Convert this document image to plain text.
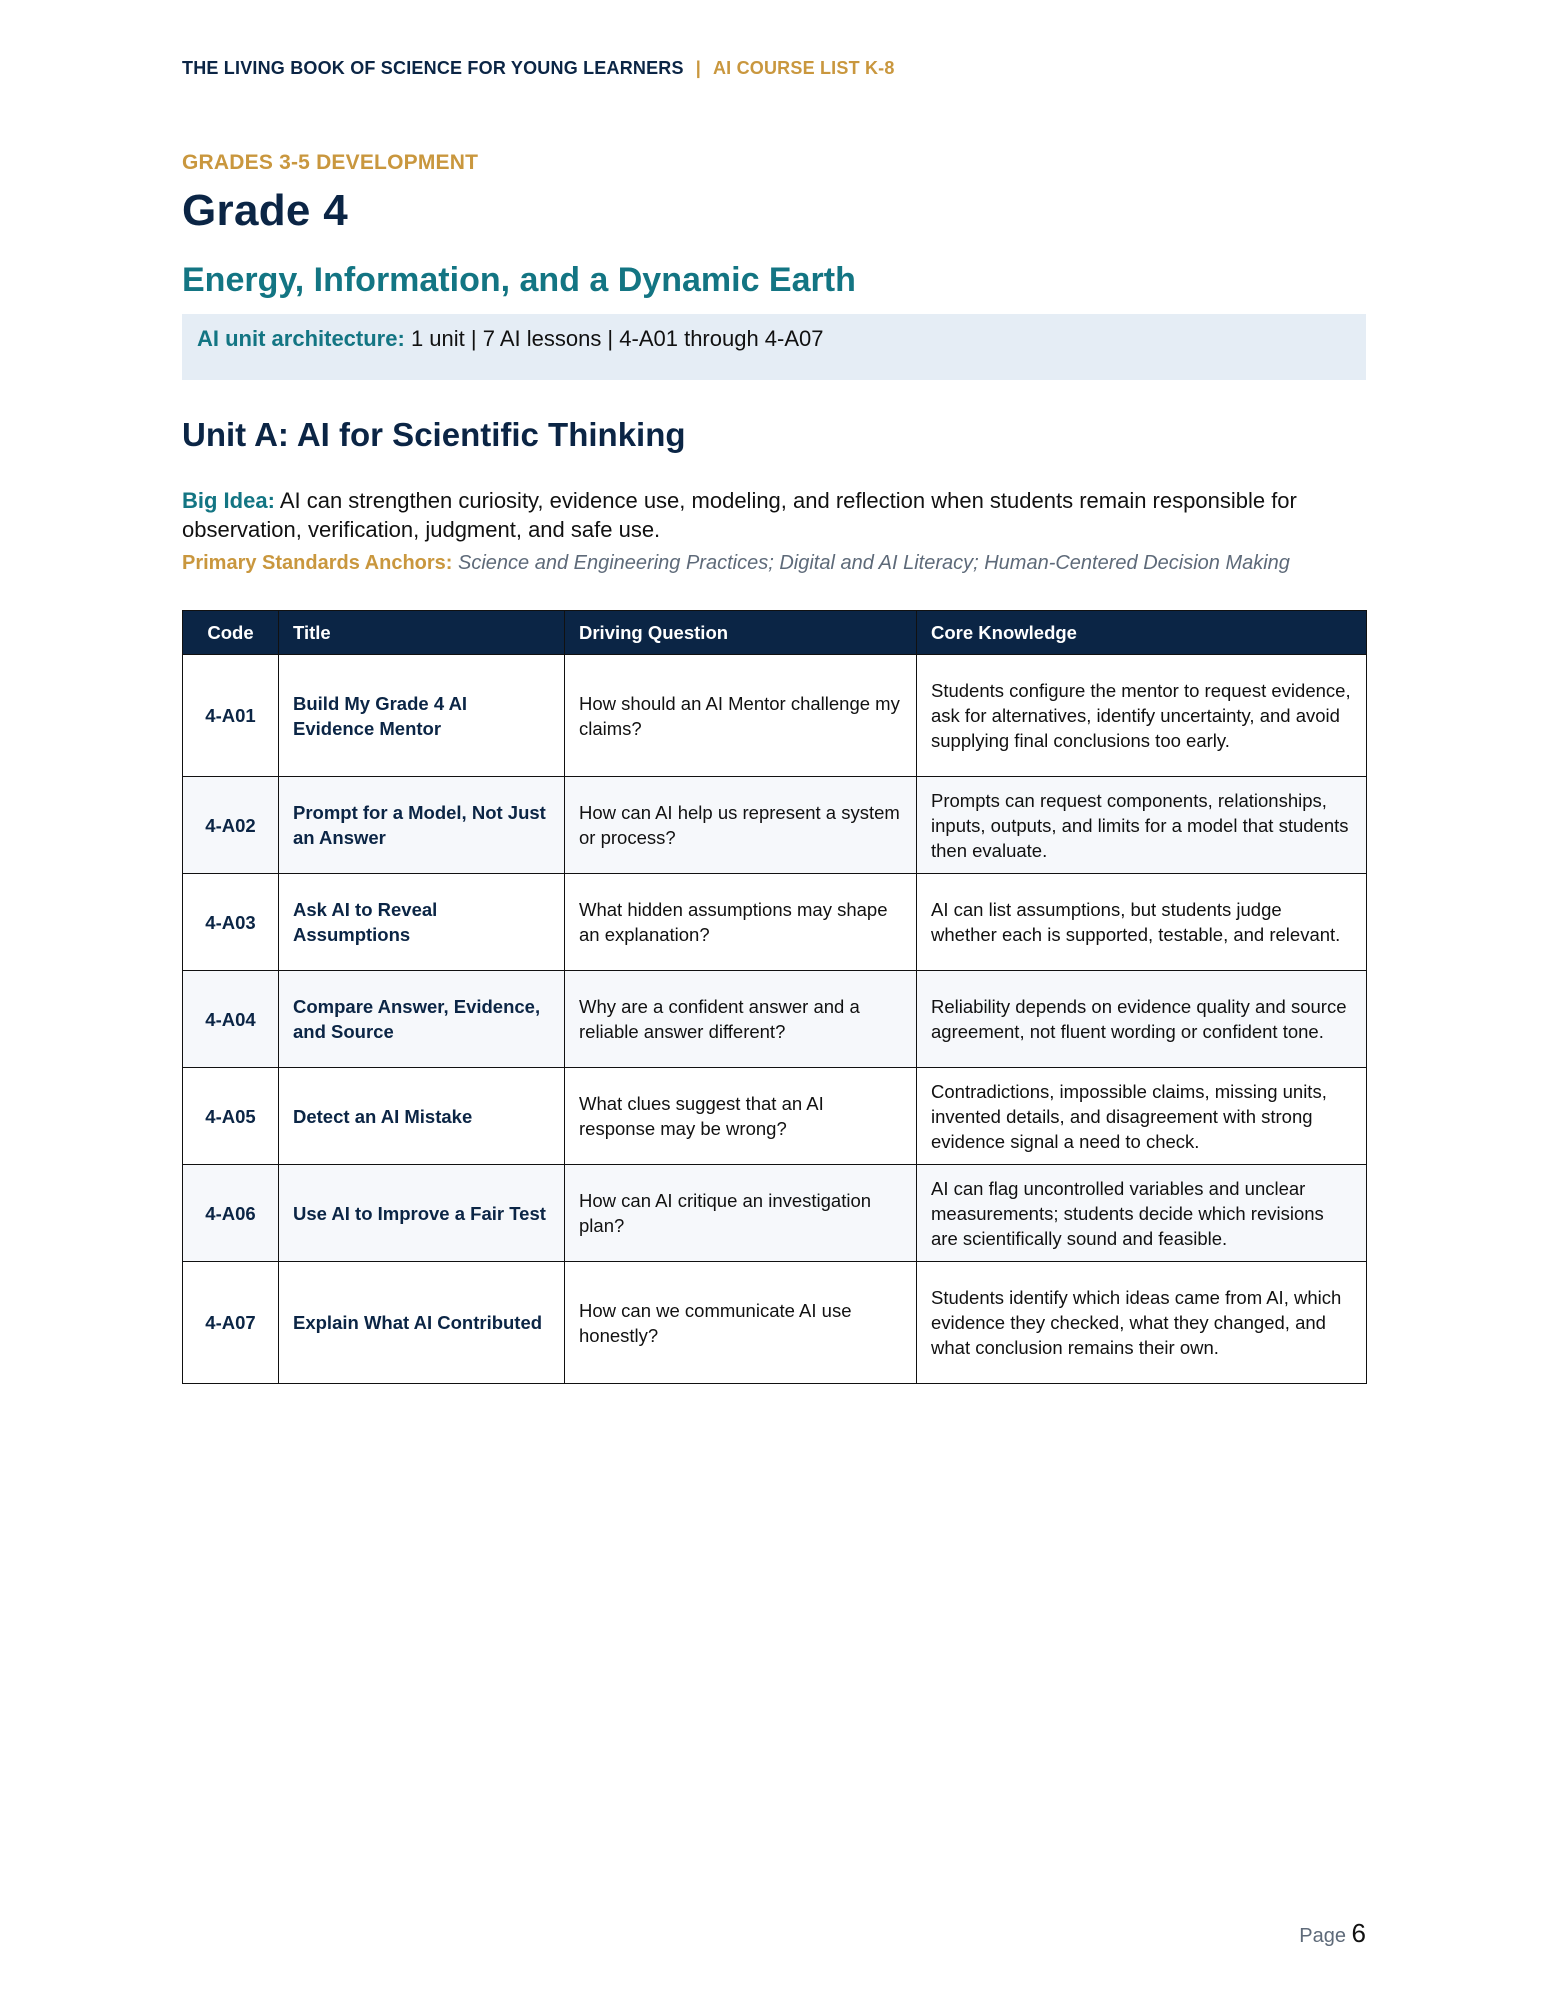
THE LIVING BOOK OF SCIENCE FOR YOUNG LEARNERS | AI COURSE LIST K-8
GRADES 3-5 DEVELOPMENT
Grade 4
Energy, Information, and a Dynamic Earth
AI unit architecture: 1 unit | 7 AI lessons | 4-A01 through 4-A07
Unit A: AI for Scientific Thinking
Big Idea: AI can strengthen curiosity, evidence use, modeling, and reflection when students remain responsible for observation, verification, judgment, and safe use.
Primary Standards Anchors: Science and Engineering Practices; Digital and AI Literacy; Human-Centered Decision Making
Code	Title	Driving Question	Core Knowledge
4-A01	Build My Grade 4 AI Evidence Mentor	How should an AI Mentor challenge my claims?	Students configure the mentor to request evidence, ask for alternatives, identify uncertainty, and avoid supplying final conclusions too early.
4-A02	Prompt for a Model, Not Just an Answer	How can AI help us represent a system or process?	Prompts can request components, relationships, inputs, outputs, and limits for a model that students then evaluate.
4-A03	Ask AI to Reveal Assumptions	What hidden assumptions may shape an explanation?	AI can list assumptions, but students judge whether each is supported, testable, and relevant.
4-A04	Compare Answer, Evidence, and Source	Why are a confident answer and a reliable answer different?	Reliability depends on evidence quality and source agreement, not fluent wording or confident tone.
4-A05	Detect an AI Mistake	What clues suggest that an AI response may be wrong?	Contradictions, impossible claims, missing units, invented details, and disagreement with strong evidence signal a need to check.
4-A06	Use AI to Improve a Fair Test	How can AI critique an investigation plan?	AI can flag uncontrolled variables and unclear measurements; students decide which revisions are scientifically sound and feasible.
4-A07	Explain What AI Contributed	How can we communicate AI use honestly?	Students identify which ideas came from AI, which evidence they checked, what they changed, and what conclusion remains their own.
Page 6
